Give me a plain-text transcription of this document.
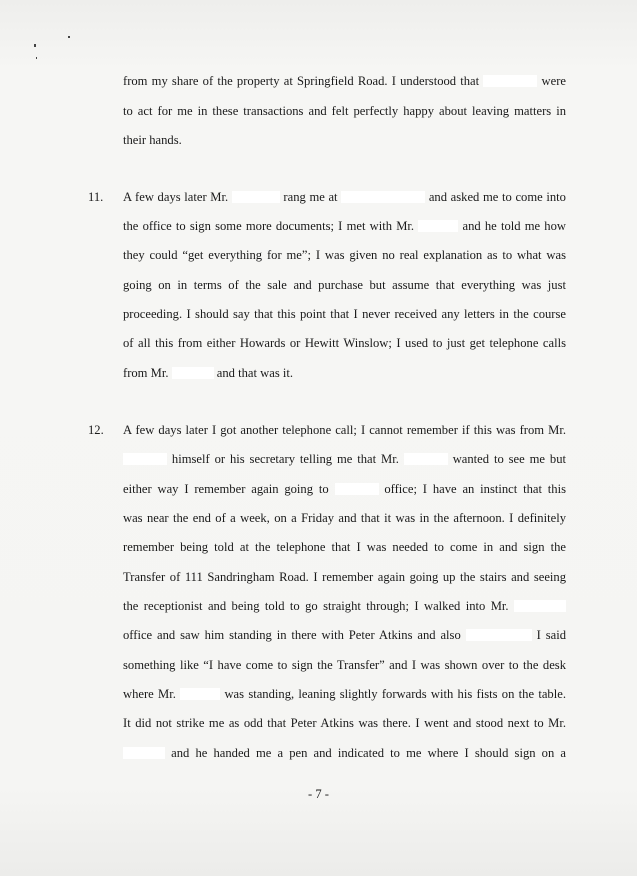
from my share of the property at Springfield Road. I understood that	were
to act for me in these transactions and felt perfectly happy about leaving matters in
their hands.
11. A few days later Mr.	rang me at	and asked me to come into
the office to sign some more documents; I met with Mr.	and he told me how
they could “get everything for me”; I was given no real explanation as to what was
going on in terms of the sale and purchase but assume that everything was just
proceeding. I should say that this point that I never received any letters in the course
of all this from either Howards or Hewitt Winslow; I used to just get telephone calls
from Mr.	and that was it.
12. A few days later I got another telephone call; I cannot remember if this was from Mr.
himself or his secretary telling me that Mr.	wanted to see me but
either way I remember again going to	office; I have an instinct that this
was near the end of a week, on a Friday and that it was in the afternoon. I definitely
remember being told at the telephone that I was needed to come in and sign the
Transfer of 111 Sandringham Road. I remember again going up the stairs and seeing
the receptionist and being told to go straight through; I walked into Mr.
office and saw him standing in there with Peter Atkins and also	I said
something like “I have come to sign the Transfer” and I was shown over to the desk
where Mr.	was standing, leaning slightly forwards with his fists on the table.
It did not strike me as odd that Peter Atkins was there. I went and stood next to Mr.
and he handed me a pen and indicated to me where I should sign on a
- 7 -
